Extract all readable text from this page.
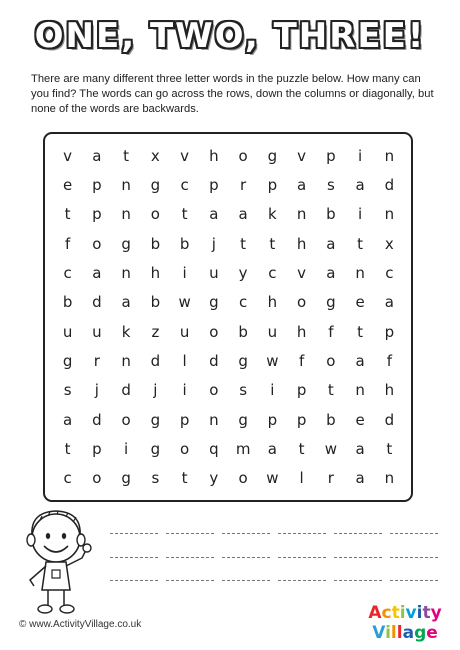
ONE, TWO, THREE!
There are many different three letter words in the puzzle below. How many can you find? The words can go across the rows, down the columns or diagonally, but none of the words are backwards.
v	a	t	x	v	h	o	g	v	p	i	n
e	p	n	g	c	p	r	p	a	s	a	d
t	p	n	o	t	a	a	k	n	b	i	n
f	o	g	b	b	j	t	t	h	a	t	x
c	a	n	h	i	u	y	c	v	a	n	c
b	d	a	b	w	g	c	h	o	g	e	a
u	u	k	z	u	o	b	u	h	f	t	p
g	r	n	d	l	d	g	w	f	o	a	f
s	j	d	j	i	o	s	i	p	t	n	h
a	d	o	g	p	n	g	p	p	b	e	d
t	p	i	g	o	q	m	a	t	w	a	t
c	o	g	s	t	y	o	w	l	r	a	n
© www.ActivityVillage.co.uk
Activity
Village
